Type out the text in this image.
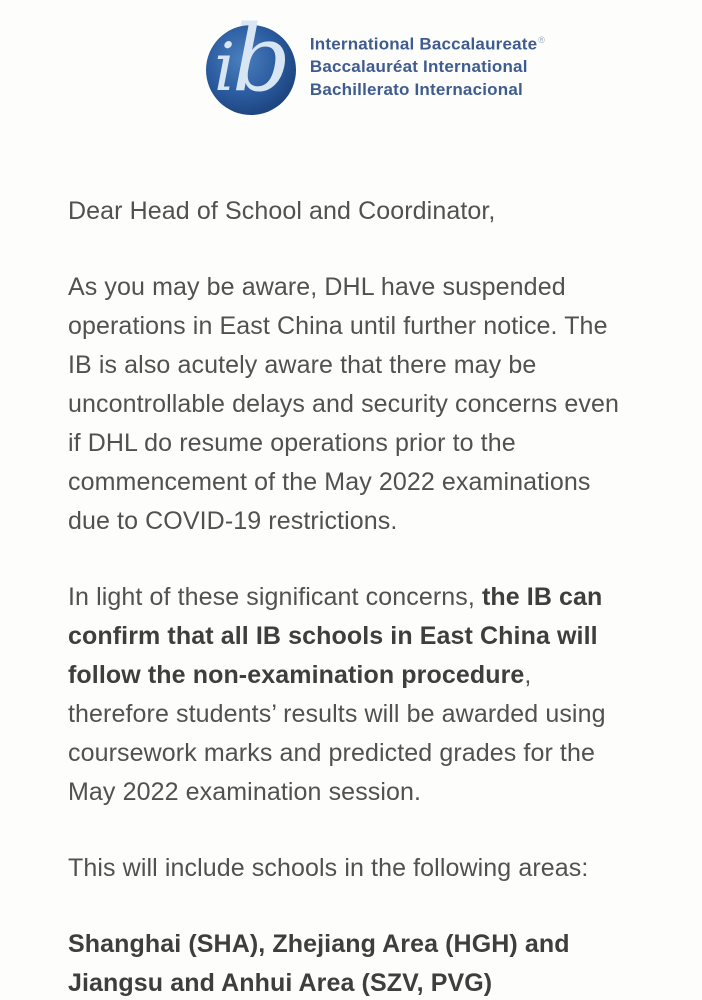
i
b International Baccalaureate®
Baccalauréat International
Bachillerato Internacional
Dear Head of School and Coordinator,
As you may be aware, DHL have suspended
operations in East China until further notice. The
IB is also acutely aware that there may be
uncontrollable delays and security concerns even
if DHL do resume operations prior to the
commencement of the May 2022 examinations
due to COVID-19 restrictions.
In light of these significant concerns, the IB can
confirm that all IB schools in East China will
follow the non-examination procedure,
therefore students’ results will be awarded using
coursework marks and predicted grades for the
May 2022 examination session.
This will include schools in the following areas:
Shanghai (SHA), Zhejiang Area (HGH) and
Jiangsu and Anhui Area (SZV, PVG)
